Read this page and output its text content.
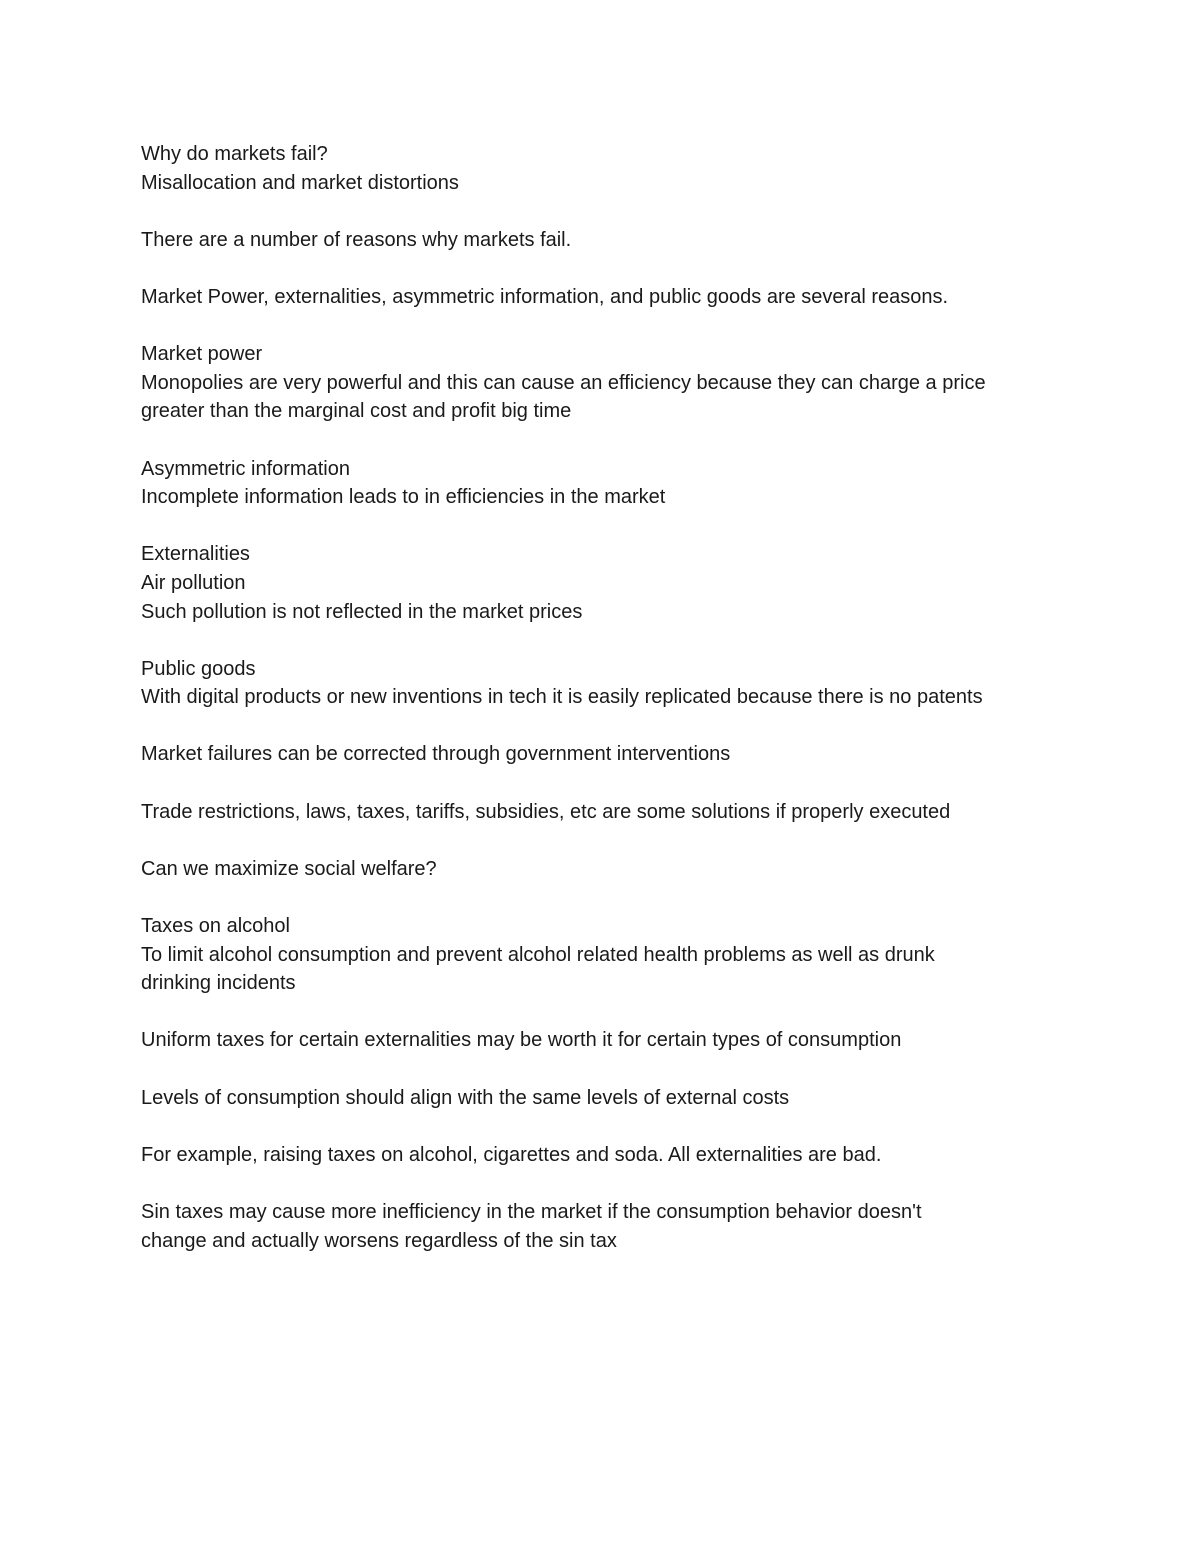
Why do markets fail?
Misallocation and market distortions
There are a number of reasons why markets fail.
Market Power, externalities, asymmetric information, and public goods are several reasons.
Market power
Monopolies are very powerful and this can cause an efficiency because they can charge a price
greater than the marginal cost and profit big time
Asymmetric information
Incomplete information leads to in efficiencies in the market
Externalities
Air pollution
Such pollution is not reflected in the market prices
Public goods
With digital products or new inventions in tech it is easily replicated because there is no patents
Market failures can be corrected through government interventions
Trade restrictions, laws, taxes, tariffs, subsidies, etc are some solutions if properly executed
Can we maximize social welfare?
Taxes on alcohol
To limit alcohol consumption and prevent alcohol related health problems as well as drunk
drinking incidents
Uniform taxes for certain externalities may be worth it for certain types of consumption
Levels of consumption should align with the same levels of external costs
For example, raising taxes on alcohol, cigarettes and soda. All externalities are bad.
Sin taxes may cause more inefficiency in the market if the consumption behavior doesn't
change and actually worsens regardless of the sin tax
